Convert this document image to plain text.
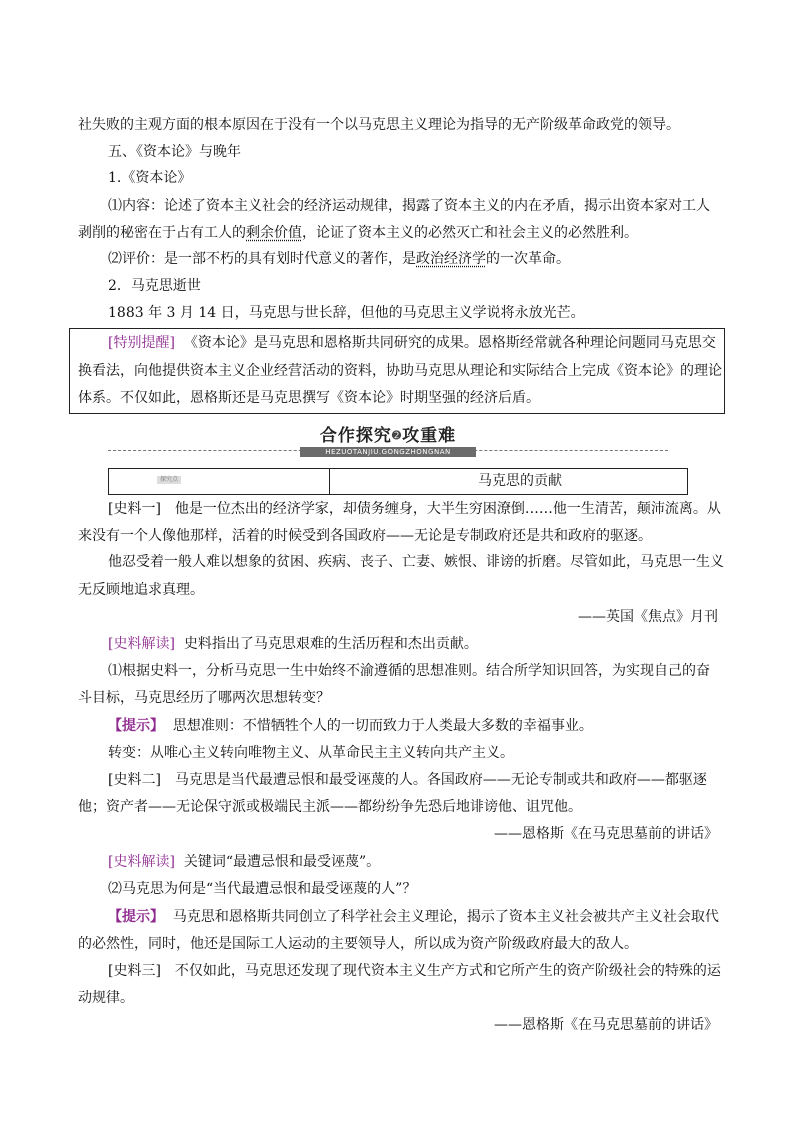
社失败的主观方面的根本原因在于没有一个以马克思主义理论为指导的无产阶级革命政党的领导。
五、《资本论》与晚年
1.《资本论》
⑴内容：论述了资本主义社会的经济运动规律，揭露了资本主义的内在矛盾，揭示出资本家对工人
剥削的秘密在于占有工人的剩余价值，论证了资本主义的必然灭亡和社会主义的必然胜利。
⑵评价：是一部不朽的具有划时代意义的著作，是政治经济学的一次革命。
2．马克思逝世
1883 年 3 月 14 日，马克思与世长辞，但他的马克思主义学说将永放光芒。
[特别提醒] 《资本论》是马克思和恩格斯共同研究的成果。恩格斯经常就各种理论问题同马克思交
换看法，向他提供资本主义企业经营活动的资料，协助马克思从理论和实际结合上完成《资本论》的理论
体系。不仅如此，恩格斯还是马克思撰写《资本论》时期坚强的经济后盾。
合作探究➋攻重难
HEZUOTANJIU.GONGZHONGNAN
探究点	马克思的贡献
[史料一]　他是一位杰出的经济学家，却债务缠身，大半生穷困潦倒……他一生清苦，颠沛流离。从
来没有一个人像他那样，活着的时候受到各国政府——无论是专制政府还是共和政府的驱逐。
他忍受着一般人难以想象的贫困、疾病、丧子、亡妻、嫉恨、诽谤的折磨。尽管如此，马克思一生义
无反顾地追求真理。
——英国《焦点》月刊
[史料解读] 史料指出了马克思艰难的生活历程和杰出贡献。
⑴根据史料一，分析马克思一生中始终不渝遵循的思想准则。结合所学知识回答，为实现自己的奋
斗目标，马克思经历了哪两次思想转变？
【提示】 思想准则：不惜牺牲个人的一切而致力于人类最大多数的幸福事业。
转变：从唯心主义转向唯物主义、从革命民主主义转向共产主义。
[史料二]　马克思是当代最遭忌恨和最受诬蔑的人。各国政府——无论专制或共和政府——都驱逐
他；资产者——无论保守派或极端民主派——都纷纷争先恐后地诽谤他、诅咒他。
——恩格斯《在马克思墓前的讲话》
[史料解读] 关键词“最遭忌恨和最受诬蔑”。
⑵马克思为何是“当代最遭忌恨和最受诬蔑的人”？
【提示】 马克思和恩格斯共同创立了科学社会主义理论，揭示了资本主义社会被共产主义社会取代
的必然性，同时，他还是国际工人运动的主要领导人，所以成为资产阶级政府最大的敌人。
[史料三]　不仅如此，马克思还发现了现代资本主义生产方式和它所产生的资产阶级社会的特殊的运
动规律。
——恩格斯《在马克思墓前的讲话》
